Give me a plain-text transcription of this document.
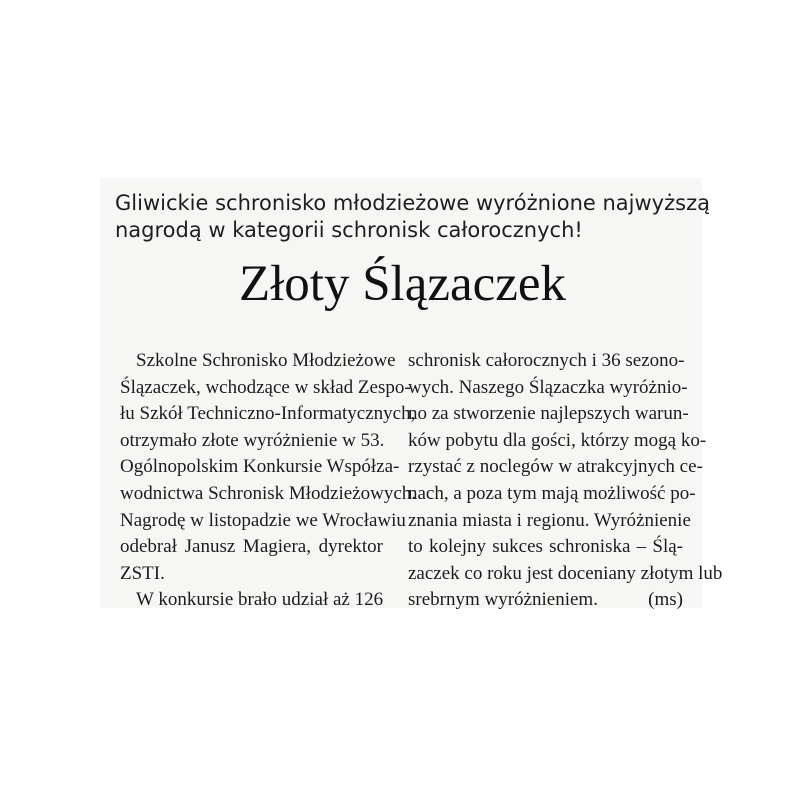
Gliwickie schronisko młodzieżowe wyróżnione najwyższą
nagrodą w kategorii schronisk całorocznych!
Złoty Ślązaczek
Szkolne Schronisko Młodzieżowe
Ślązaczek, wchodzące w skład Zespo-
łu Szkół Techniczno-Informatycznych,
otrzymało złote wyróżnienie w 53.
Ogólnopolskim Konkursie Współza-
wodnictwa Schronisk Młodzieżowych.
Nagrodę w listopadzie we Wrocławiu
odebrał Janusz Magiera, dyrektor
ZSTI.
W konkursie brało udział aż 126
schronisk całorocznych i 36 sezono-
wych. Naszego Ślązaczka wyróżnio-
no za stworzenie najlepszych warun-
ków pobytu dla gości, którzy mogą ko-
rzystać z noclegów w atrakcyjnych ce-
nach, a poza tym mają możliwość po-
znania miasta i regionu. Wyróżnienie
to kolejny sukces schroniska – Ślą-
zaczek co roku jest doceniany złotym lub
srebrnym wyróżnieniem.	(ms)
